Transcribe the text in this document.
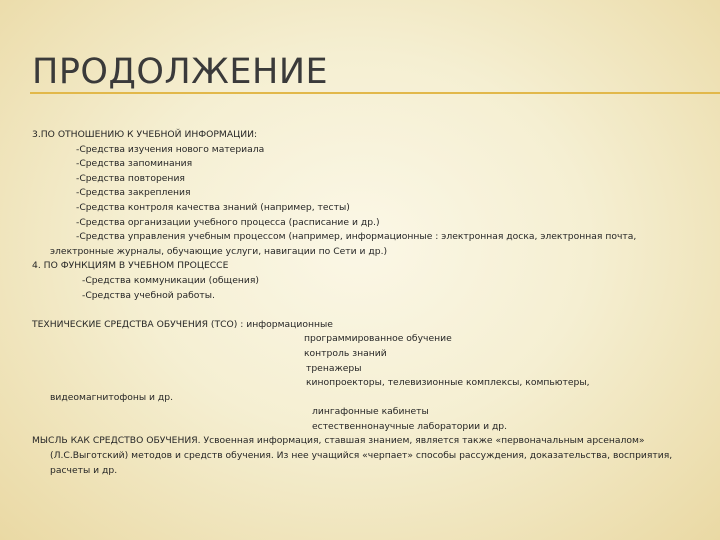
ПРОДОЛЖЕНИЕ

3.ПО ОТНОШЕНИЮ К УЧЕБНОЙ ИНФОРМАЦИИ:

-Средства изучения нового материала

-Средства запоминания

-Средства повторения

-Средства закрепления

-Средства контроля качества знаний (например, тесты)

-Средства организации учебного процесса (расписание и др.)

-Средства управления учебным процессом (например, информационные : электронная доска, электронная почта, электронные журналы, обучающие услуги, навигации по Сети и др.)

4. ПО ФУНКЦИЯМ В УЧЕБНОМ ПРОЦЕССЕ

-Средства коммуникации (общения)

-Средства учебной работы.

ТЕХНИЧЕСКИЕ СРЕДСТВА ОБУЧЕНИЯ (ТСО) : информационные

программированное обучение

контроль знаний

тренажеры

кинопроекторы, телевизионные комплексы, компьютеры,

видеомагнитофоны и др.

лингафонные кабинеты

естественнонаучные лаборатории и др.

МЫСЛЬ КАК СРЕДСТВО ОБУЧЕНИЯ. Усвоенная информация, ставшая знанием, является также «первоначальным арсеналом» (Л.С.Выготский) методов и средств обучения. Из нее учащийся «черпает» способы рассуждения, доказательства, восприятия, расчеты и др.
